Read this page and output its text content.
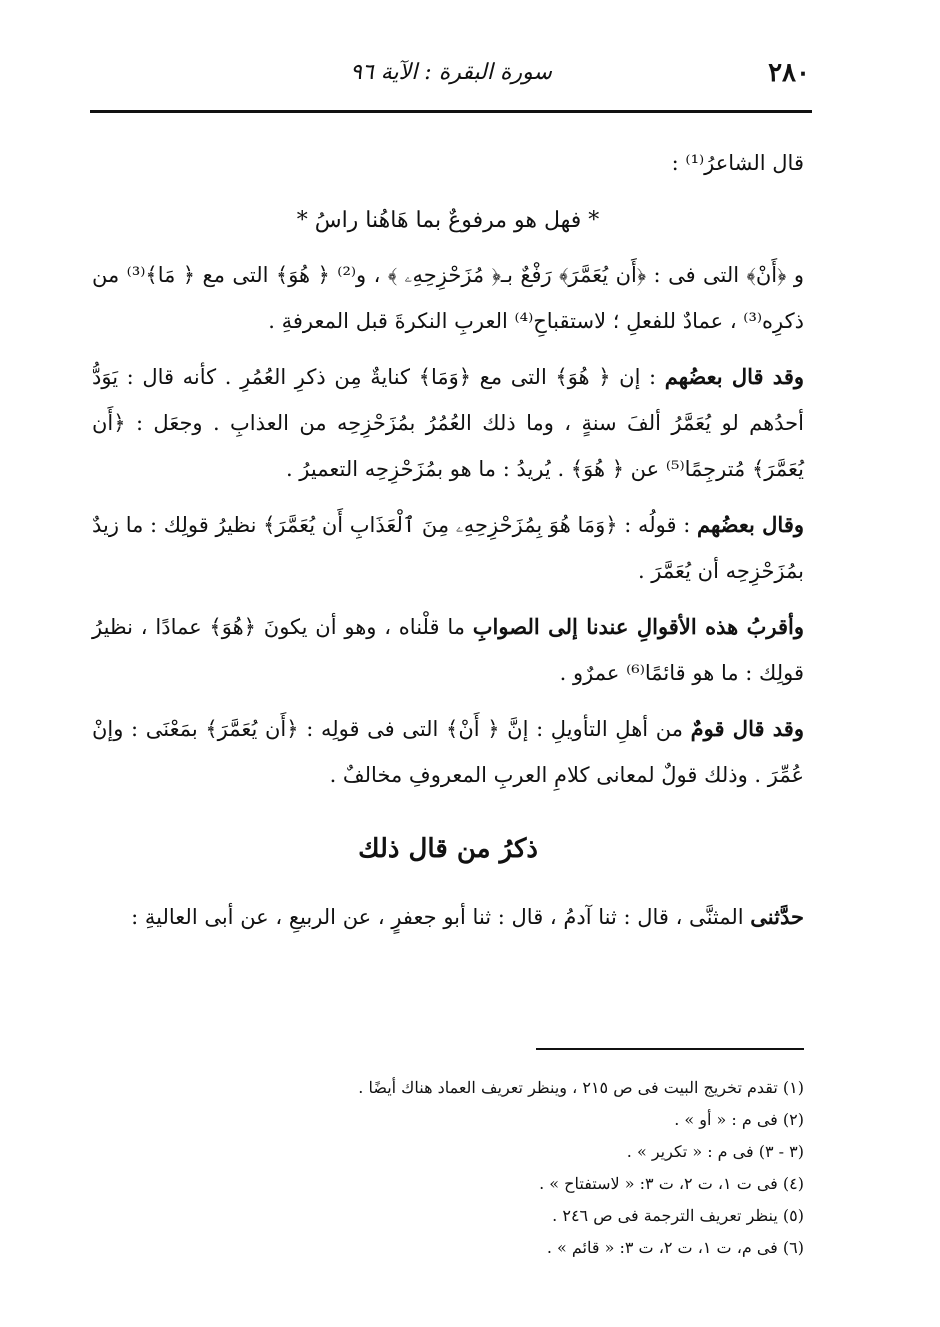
٢٨٠
سورة البقرة : الآية ٩٦

قال الشاعرُ⁽¹⁾ :

* فهل هو مرفوعٌ بما هَاهُنا راسُ *

و ﴿أَنْ﴾ التى فى : ﴿أَن يُعَمَّرَ﴾ رَفْعٌ بـ﴿ مُزَحْزِحِهِۦ ﴾ ، و⁽²⁾ ﴿ هُوَ﴾ التى مع ﴿ مَا﴾⁽³⁾ من ذكرِه⁽³⁾ ، عمادٌ للفعلِ ؛ لاستقباحِ⁽⁴⁾ العربِ النكرةَ قبل المعرفةِ .

وقد قال بعضُهم : إن ﴿ هُوَ﴾ التى مع ﴿وَمَا﴾ كنايةٌ مِن ذكرِ العُمُرِ . كأنه قال : يَوَدُّ أحدُهم لو يُعَمَّرُ ألفَ سنةٍ ، وما ذلك العُمُرُ بمُزَحْزِحِه من العذابِ . وجعَل : ﴿أَن يُعَمَّرَ﴾ مُترجِمًا⁽⁵⁾ عن ﴿ هُوَ﴾ . يُريدُ : ما هو بمُزَحْزِحِه التعميرُ .

وقال بعضُهم : قولُه : ﴿وَمَا هُوَ بِمُزَحْزِحِهِۦ مِنَ ٱلْعَذَابِ أَن يُعَمَّرَ﴾ نظيرُ قولِك : ما زيدٌ بمُزَحْزِحِه أن يُعَمَّرَ .

وأقربُ هذه الأقوالِ عندنا إلى الصوابِ ما قلْناه ، وهو أن يكونَ ﴿هُوَ﴾ عمادًا ، نظيرُ قولِك : ما هو قائمًا⁽⁶⁾ عمرٌو .

وقد قال قومٌ من أهلِ التأويلِ : إنَّ ﴿ أَنْ﴾ التى فى قولِه : ﴿أَن يُعَمَّرَ﴾ بمَعْنَى : وإنْ عُمِّرَ . وذلك قولٌ لمعانى كلامِ العربِ المعروفِ مخالفٌ .

ذكرُ من قال ذلك

حدَّثنى المثنَّى ، قال : ثنا آدمُ ، قال : ثنا أبو جعفرٍ ، عن الربيعِ ، عن أبى العاليةِ :

(١) تقدم تخريج البيت فى ص ٢١٥ ، وينظر تعريف العماد هناك أيضًا .

(٢) فى م : « أو » .

(٣ - ٣) فى م : « تكرير » .

(٤) فى ت ١، ت ٢، ت ٣: « لاستفتاح » .

(٥) ينظر تعريف الترجمة فى ص ٢٤٦ .

(٦) فى م، ت ١، ت ٢، ت ٣: « قائم » .
